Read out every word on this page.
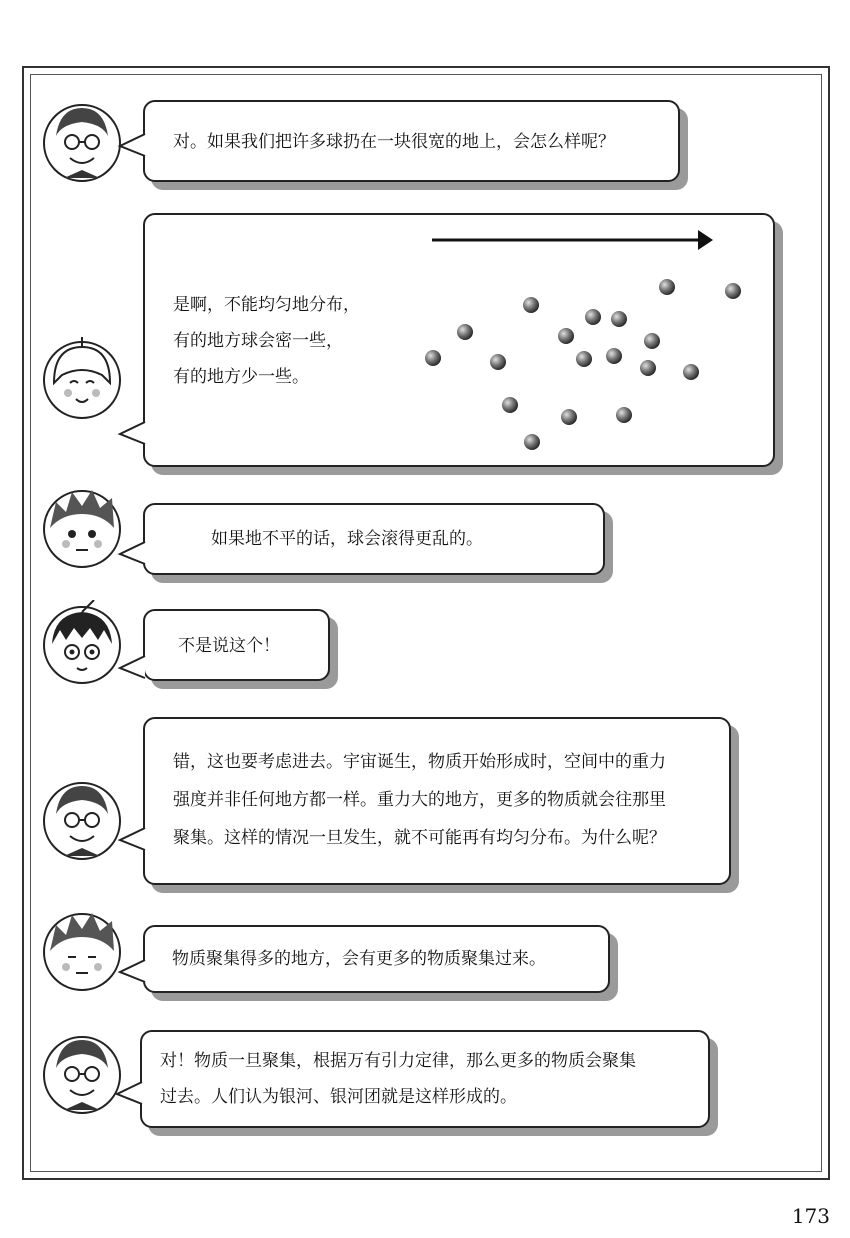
对。如果我们把许多球扔在一块很宽的地上，会怎么样呢？
是啊，不能均匀地分布，
有的地方球会密一些，
有的地方少一些。
如果地不平的话，球会滚得更乱的。
不是说这个！
错，这也要考虑进去。宇宙诞生，物质开始形成时，空间中的重力
强度并非任何地方都一样。重力大的地方，更多的物质就会往那里
聚集。这样的情况一旦发生，就不可能再有均匀分布。为什么呢？
物质聚集得多的地方，会有更多的物质聚集过来。
对！物质一旦聚集，根据万有引力定律，那么更多的物质会聚集
过去。人们认为银河、银河团就是这样形成的。
173
